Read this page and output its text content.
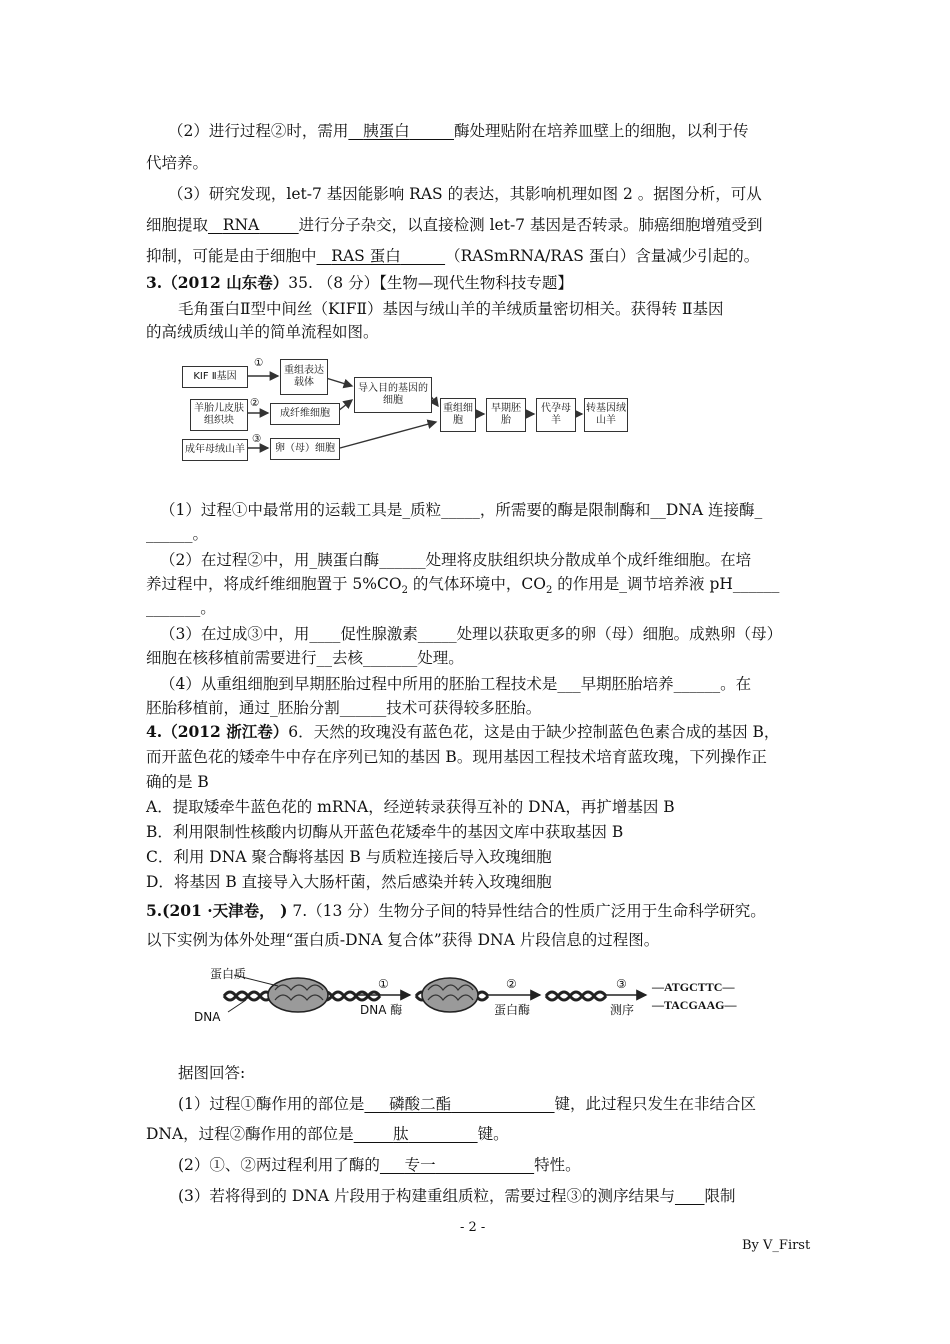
（2）进行过程②时，需用 胰蛋白	酶处理贴附在培养皿壁上的细胞，以利于传
代培养。
（3）研究发现，let-7 基因能影响 RAS 的表达，其影响机理如图 2 。据图分析，可从
细胞提取 RNA	进行分子杂交，以直接检测 let-7 基因是否转录。肺癌细胞增殖受到
抑制，可能是由于细胞中 RAS 蛋白	（RASmRNA/RAS 蛋白）含量减少引起的。
3.（2012 山东卷）35. （8 分）【生物—现代生物科技专题】
毛角蛋白Ⅱ型中间丝（KIFⅡ）基因与绒山羊的羊绒质量密切相关。获得转 Ⅱ基因
的高绒质绒山羊的简单流程如图。
KIF Ⅱ基因
①
重组表达载体
羊胎儿皮肤组织块
②
成纤维细胞
成年母绒山羊
③
卵（母）细胞
导入目的基因的细胞
重组细胞
早期胚胎
代孕母羊
转基因绒山羊
（1）过程①中最常用的运载工具是_质粒_____，所需要的酶是限制酶和__DNA 连接酶_
______。
（2）在过程②中，用_胰蛋白酶______处理将皮肤组织块分散成单个成纤维细胞。在培
养过程中，将成纤维细胞置于 $5\%CO_2$ 的气体环境中，$CO_2$ 的作用是_调节培养液 pH______
_______。
（3）在过成③中，用____促性腺激素_____处理以获取更多的卵（母）细胞。成熟卵（母）
细胞在核移植前需要进行__去核_______处理。
（4）从重组细胞到早期胚胎过程中所用的胚胎工程技术是___早期胚胎培养______。在
胚胎移植前，通过_胚胎分割______技术可获得较多胚胎。
4.（2012 浙江卷）6．天然的玫瑰没有蓝色花，这是由于缺少控制蓝色色素合成的基因 B，
而开蓝色花的矮牵牛中存在序列已知的基因 B。现用基因工程技术培育蓝玫瑰，下列操作正
确的是 B
A．提取矮牵牛蓝色花的 mRNA，经逆转录获得互补的 DNA，再扩增基因 B
B．利用限制性核酸内切酶从开蓝色花矮牵牛的基因文库中获取基因 B
C．利用 DNA 聚合酶将基因 B 与质粒连接后导入玫瑰细胞
D．将基因 B 直接导入大肠杆菌，然后感染并转入玫瑰细胞
5.(201 ·天津卷， ) 7.（13 分）生物分子间的特异性结合的性质广泛用于生命科学研究。
以下实例为体外处理“蛋白质-DNA 复合体”获得 DNA 片段信息的过程图。
蛋白质
DNA
①
DNA 酶
②
蛋白酶
③
测序
—ATGCTTC—
—TACGAAG—
据图回答:
(1）过程①酶作用的部位是 磷酸二酯	键，此过程只发生在非结合区
DNA，过程②酶作用的部位是	肽	键。
(2）①、②两过程利用了酶的 专一	特性。
(3）若将得到的 DNA 片段用于构建重组质粒，需要过程③的测序结果与 限制
- 2 -
By V_First
